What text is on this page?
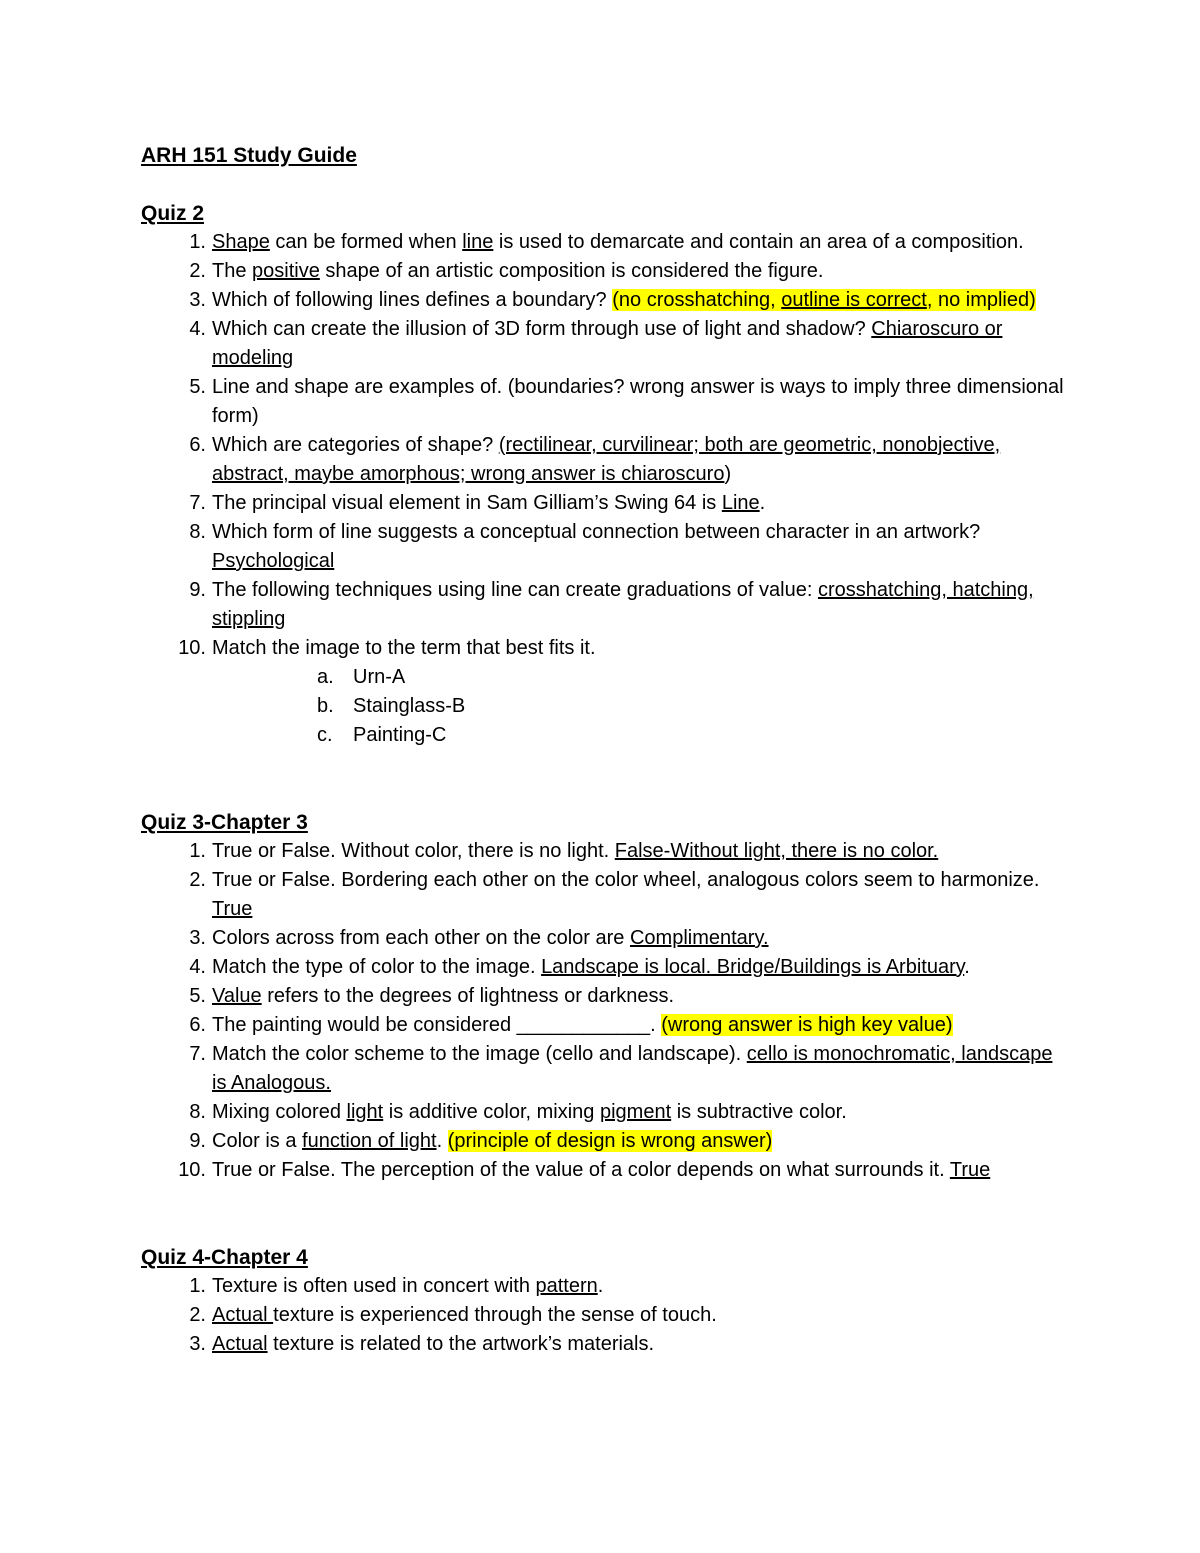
ARH 151 Study Guide
Quiz 2
1. Shape can be formed when line is used to demarcate and contain an area of a composition.
2. The positive shape of an artistic composition is considered the figure.
3. Which of following lines defines a boundary? (no crosshatching, outline is correct, no implied)
4. Which can create the illusion of 3D form through use of light and shadow? Chiaroscuro or modeling
5. Line and shape are examples of. (boundaries? wrong answer is ways to imply three dimensional form)
6. Which are categories of shape? (rectilinear, curvilinear; both are geometric, nonobjective, abstract, maybe amorphous; wrong answer is chiaroscuro)
7. The principal visual element in Sam Gilliam’s Swing 64 is Line.
8. Which form of line suggests a conceptual connection between character in an artwork? Psychological
9. The following techniques using line can create graduations of value: crosshatching, hatching, stippling
10. Match the image to the term that best fits it.
a. Urn-A
b. Stainglass-B
c.	Painting-C
Quiz 3-Chapter 3
1. True or False. Without color, there is no light. False-Without light, there is no color.
2. True or False. Bordering each other on the color wheel, analogous colors seem to harmonize. True
3. Colors across from each other on the color are Complimentary.
4. Match the type of color to the image. Landscape is local. Bridge/Buildings is Arbituary.
5. Value refers to the degrees of lightness or darkness.
6. The painting would be considered ____________. (wrong answer is high key value)
7. Match the color scheme to the image (cello and landscape). cello is monochromatic, landscape is Analogous.
8. Mixing colored light is additive color, mixing pigment is subtractive color.
9. Color is a function of light. (principle of design is wrong answer)
10. True or False. The perception of the value of a color depends on what surrounds it. True
Quiz 4-Chapter 4
1. Texture is often used in concert with pattern.
2. Actual texture is experienced through the sense of touch.
3. Actual texture is related to the artwork’s materials.
